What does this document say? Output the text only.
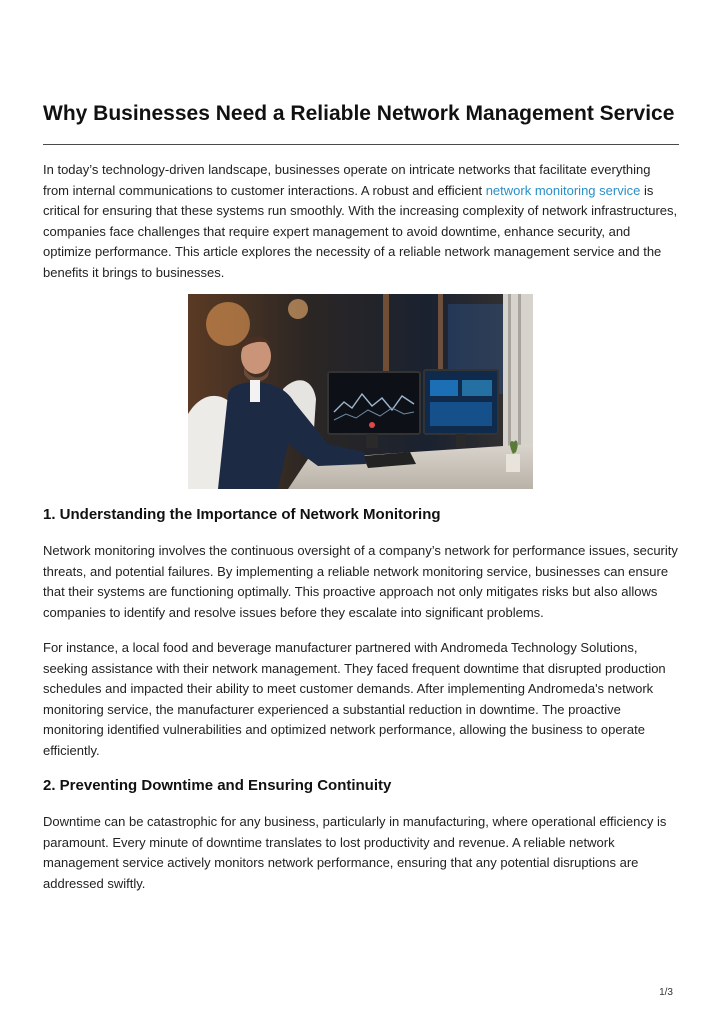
Why Businesses Need a Reliable Network Management Service

In today’s technology-driven landscape, businesses operate on intricate networks that facilitate everything from internal communications to customer interactions. A robust and efficient network monitoring service is critical for ensuring that these systems run smoothly. With the increasing complexity of network infrastructures, companies face challenges that require expert management to avoid downtime, enhance security, and optimize performance. This article explores the necessity of a reliable network management service and the benefits it brings to businesses.

1. Understanding the Importance of Network Monitoring

Network monitoring involves the continuous oversight of a company’s network for performance issues, security threats, and potential failures. By implementing a reliable network monitoring service, businesses can ensure that their systems are functioning optimally. This proactive approach not only mitigates risks but also allows companies to identify and resolve issues before they escalate into significant problems.

For instance, a local food and beverage manufacturer partnered with Andromeda Technology Solutions, seeking assistance with their network management. They faced frequent downtime that disrupted production schedules and impacted their ability to meet customer demands. After implementing Andromeda's network monitoring service, the manufacturer experienced a substantial reduction in downtime. The proactive monitoring identified vulnerabilities and optimized network performance, allowing the business to operate efficiently.

2. Preventing Downtime and Ensuring Continuity

Downtime can be catastrophic for any business, particularly in manufacturing, where operational efficiency is paramount. Every minute of downtime translates to lost productivity and revenue. A reliable network management service actively monitors network performance, ensuring that any potential disruptions are addressed swiftly.

1/3
